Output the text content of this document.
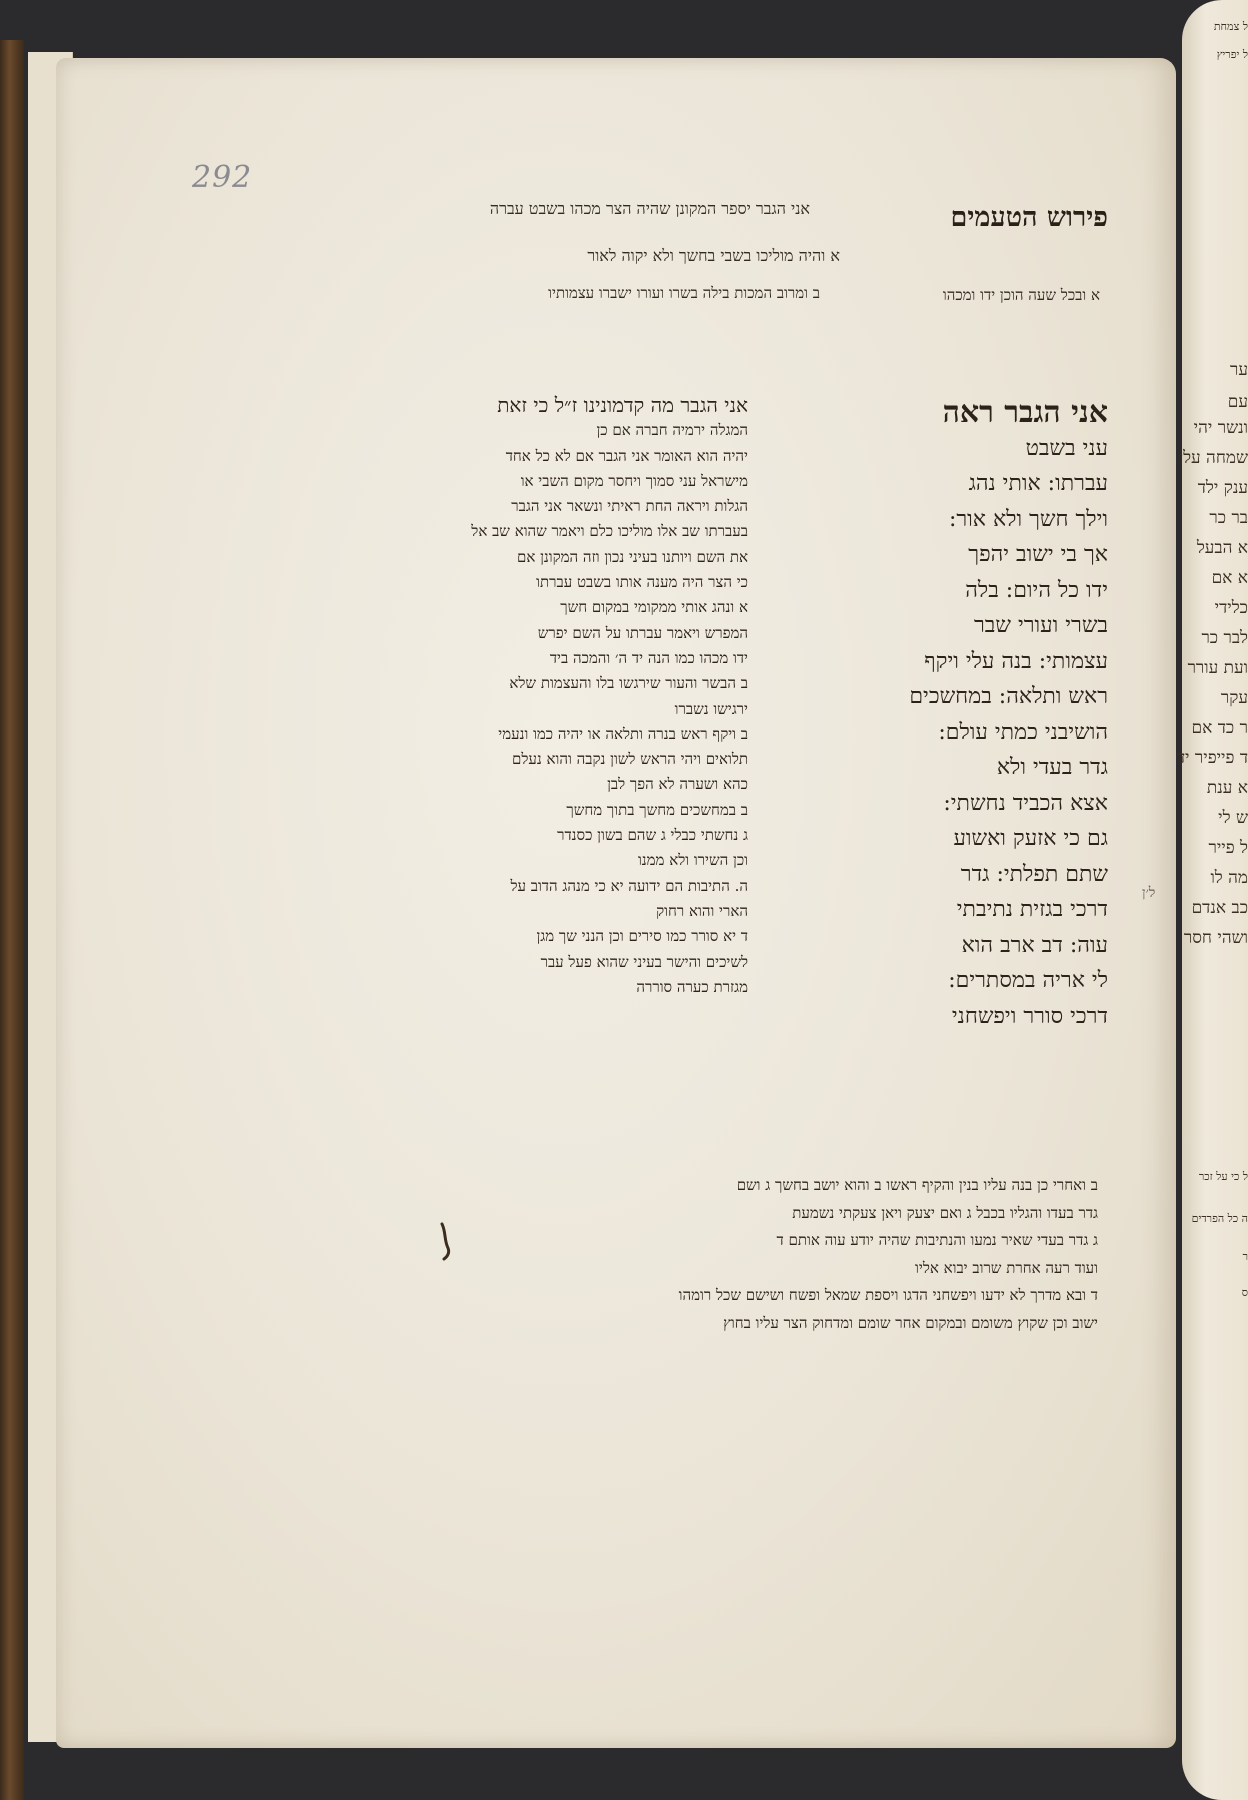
292
פירוש הטעמים
אני הגבר יספר המקונן שהיה הצר מכהו בשבט עברה
א והיה מוליכו בשבי בחשך ולא יקוה לאור
א ובכל שעה הוכן ידו ומכהו
ב ומרוב המכות בילה בשרו ועורו ישברו עצמותיו
אני הגבר ראה
עני בשבט
עברתו: אותי נהג
וילך חשך ולא אור:
אך בי ישוב יהפך
ידו כל היום: בלה
בשרי ועורי שבר
עצמותי: בנה עלי ויקף
ראש ותלאה: במחשכים
הושיבני כמתי עולם:
גדר בעדי ולא
אצא הכביד נחשתי:
גם כי אזעק ואשוע
שתם תפלתי: גדר
דרכי בגזית נתיבתי
עוה: דב ארב הוא
לי אריה במסתרים:
דרכי סורר ויפשחני
אני הגבר מה קדמונינו ז״ל כי זאת
המגלה ירמיה חברה אם כן
יהיה הוא האומר אני הגבר אם לא כל אחד
מישראל עני סמוך ויחסר מקום השבי או
הגלות ויראה החת ראיתי ונשאר אני הגבר
בעברתו שב אלו מוליכו כלם ויאמר שהוא שב אל
את השם ויותנו בעיני נכון וזה המקונן אם
כי הצר היה מענה אותו בשבט עברתו
א ונהג אותי ממקומי במקום חשך
המפרש ויאמר עברתו על השם יפרש
ידו מכהו כמו הנה יד ה׳ והמכה ביד
ב הבשר והעור שירגשו בלו והעצמות שלא
ירגישו נשברו
ב ויקף ראש בנרה ותלאה או יהיה כמו ונעמי
תלואים ויהי הראש לשון נקבה והוא נעלם
כהא ושערה לא הפך לבן
ב במחשכים מחשך בתוך מחשך
ג נחשתי כבלי ג שהם בשון כסנדר
וכן השירו ולא ממנו
ה. התיבות הם ידועה יא כי מנהג הדוב על
הארי והוא רחוק
ד יא סורר כמו סירים וכן הנני שך מגן
לשיכים והישר בעיני שהוא פעל עבר
מגזרת כערה סוררה
ל׳ן
ב ואחרי כן בנה עליו בנין והקיף ראשו ב והוא יושב בחשך ג ושם
גדר בעדו והגליו בכבל ג ואם יצעק ויאן צעקתי נשמעת
ג גדר בעדי שאיר נמעו והנתיבות שהיה יודע עוה אותם ד
ועוד רעה אחרת שרוב יבוא אליו
ד ובא מדרך לא ידעו ויפשחני הדגו ויספת שמאל ופשח ושישם שכל רומהו
ישוב וכן שקוץ משומם ובמקום אחר שומם ומדחוק הצר עליו בחוץ
ל צמחת
ל יפריץ
ער
עם
ונשר יהי
שמחה עלי
ענק ילד
בר כר
א הבעל
א אם
כלידי
לבר כר
ועת עורר
עקר
ר כד אם
ד פייפיר יד
א ענת
ש לי
ל פייר
מה לו
כב אנדם
ושהי חסר
ל כי על זכר
ה כל הפרדים
ר
ס
